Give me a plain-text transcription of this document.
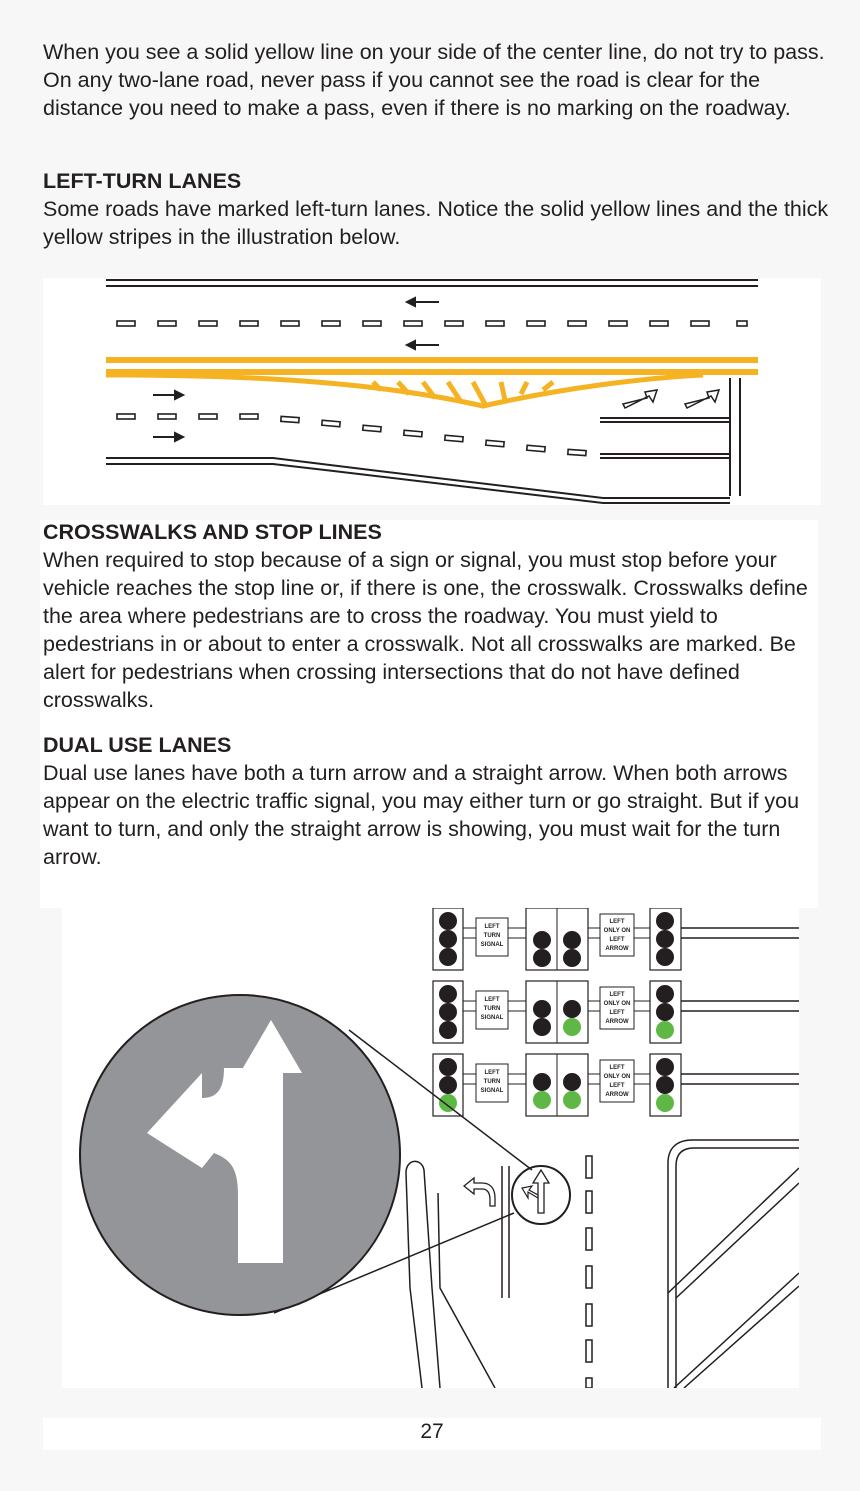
When you see a solid yellow line on your side of the center line, do not try to pass. On any two-lane road, never pass if you cannot see the road is clear for the distance you need to make a pass, even if there is no marking on the roadway.

LEFT-TURN LANES

Some roads have marked left-turn lanes. Notice the solid yellow lines and the thick yellow stripes in the illustration below.

CROSSWALKS AND STOP LINES

When required to stop because of a sign or signal, you must stop before your vehicle reaches the stop line or, if there is one, the crosswalk. Crosswalks define the area where pedestrians are to cross the roadway. You must yield to pedestrians in or about to enter a crosswalk. Not all crosswalks are marked. Be alert for pedestrians when crossing intersections that do not have defined crosswalks.

DUAL USE LANES

Dual use lanes have both a turn arrow and a straight arrow. When both arrows appear on the electric traffic signal, you may either turn or go straight. But if you want to turn, and only the straight arrow is showing, you must wait for the turn arrow.

LEFT
TURN
SIGNAL
LEFT
TURN
SIGNAL
LEFT
TURN
SIGNAL
LEFT
ONLY ON
LEFT
ARROW
LEFT
ONLY ON
LEFT
ARROW
LEFT
ONLY ON
LEFT
ARROW
27
